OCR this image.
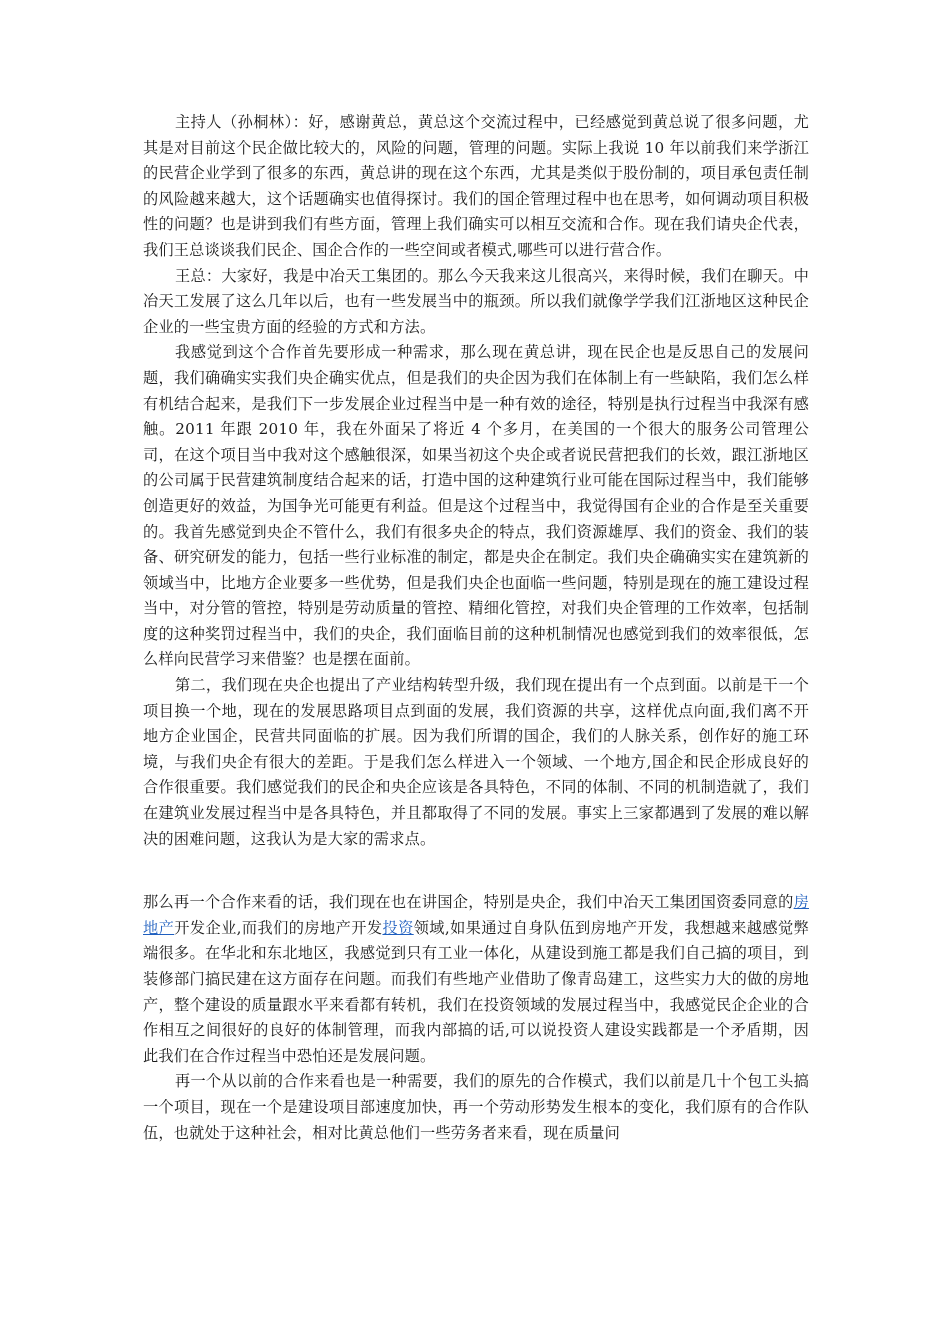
主持人（孙桐林）：好，感谢黄总，黄总这个交流过程中，已经感觉到黄总说了很多问题，尤其是对目前这个民企做比较大的，风险的问题，管理的问题。实际上我说 10 年以前我们来学浙江的民营企业学到了很多的东西，黄总讲的现在这个东西，尤其是类似于股份制的，项目承包责任制的风险越来越大，这个话题确实也值得探讨。我们的国企管理过程中也在思考，如何调动项目积极性的问题？也是讲到我们有些方面，管理上我们确实可以相互交流和合作。现在我们请央企代表，我们王总谈谈我们民企、国企合作的一些空间或者模式,哪些可以进行营合作。

王总：大家好，我是中冶天工集团的。那么今天我来这儿很高兴，来得时候，我们在聊天。中冶天工发展了这么几年以后，也有一些发展当中的瓶颈。所以我们就像学学我们江浙地区这种民企企业的一些宝贵方面的经验的方式和方法。

我感觉到这个合作首先要形成一种需求，那么现在黄总讲，现在民企也是反思自己的发展问题，我们确确实实我们央企确实优点，但是我们的央企因为我们在体制上有一些缺陷，我们怎么样有机结合起来，是我们下一步发展企业过程当中是一种有效的途径，特别是执行过程当中我深有感触。2011 年跟 2010 年，我在外面呆了将近 4 个多月，在美国的一个很大的服务公司管理公司，在这个项目当中我对这个感触很深，如果当初这个央企或者说民营把我们的长效，跟江浙地区的公司属于民营建筑制度结合起来的话，打造中国的这种建筑行业可能在国际过程当中，我们能够创造更好的效益，为国争光可能更有利益。但是这个过程当中，我觉得国有企业的合作是至关重要的。我首先感觉到央企不管什么，我们有很多央企的特点，我们资源雄厚、我们的资金、我们的装备、研究研发的能力，包括一些行业标准的制定，都是央企在制定。我们央企确确实实在建筑新的领域当中，比地方企业要多一些优势，但是我们央企也面临一些问题，特别是现在的施工建设过程当中，对分管的管控，特别是劳动质量的管控、精细化管控，对我们央企管理的工作效率，包括制度的这种奖罚过程当中，我们的央企，我们面临目前的这种机制情况也感觉到我们的效率很低，怎么样向民营学习来借鉴？也是摆在面前。

第二，我们现在央企也提出了产业结构转型升级，我们现在提出有一个点到面。以前是干一个项目换一个地，现在的发展思路项目点到面的发展，我们资源的共享，这样优点向面,我们离不开地方企业国企，民营共同面临的扩展。因为我们所谓的国企，我们的人脉关系，创作好的施工环境，与我们央企有很大的差距。于是我们怎么样进入一个领域、一个地方,国企和民企形成良好的合作很重要。我们感觉我们的民企和央企应该是各具特色，不同的体制、不同的机制造就了，我们在建筑业发展过程当中是各具特色，并且都取得了不同的发展。事实上三家都遇到了发展的难以解决的困难问题，这我认为是大家的需求点。

那么再一个合作来看的话，我们现在也在讲国企，特别是央企，我们中冶天工集团国资委同意的房地产开发企业,而我们的房地产开发投资领域,如果通过自身队伍到房地产开发，我想越来越感觉弊端很多。在华北和东北地区，我感觉到只有工业一体化，从建设到施工都是我们自己搞的项目，到装修部门搞民建在这方面存在问题。而我们有些地产业借助了像青岛建工，这些实力大的做的房地产，整个建设的质量跟水平来看都有转机，我们在投资领域的发展过程当中，我感觉民企企业的合作相互之间很好的良好的体制管理，而我内部搞的话,可以说投资人建设实践都是一个矛盾期，因此我们在合作过程当中恐怕还是发展问题。

再一个从以前的合作来看也是一种需要，我们的原先的合作模式，我们以前是几十个包工头搞一个项目，现在一个是建设项目部速度加快，再一个劳动形势发生根本的变化，我们原有的合作队伍，也就处于这种社会，相对比黄总他们一些劳务者来看，现在质量问
